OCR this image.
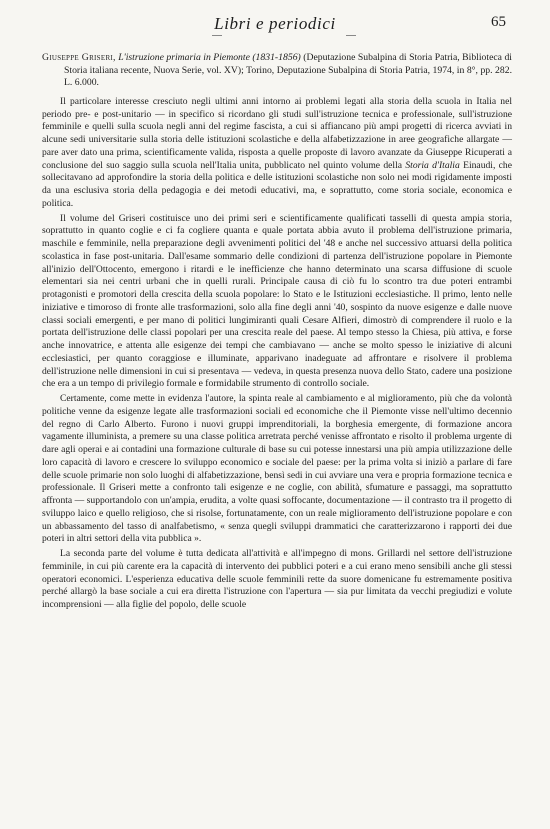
Libri e periodici	65

Giuseppe Griseri, L'istruzione primaria in Piemonte (1831-1856) (Deputazione Subalpina di Storia Patria, Biblioteca di Storia italiana recente, Nuova Serie, vol. XV); Torino, Deputazione Subalpina di Storia Patria, 1974, in 8°, pp. 282. L. 6.000.

Il particolare interesse cresciuto negli ultimi anni intorno ai problemi legati alla storia della scuola in Italia nel periodo pre- e post-unitario — in specifico si ricordano gli studi sull'istruzione tecnica e professionale, sull'istruzione femminile e quelli sulla scuola negli anni del regime fascista, a cui si affiancano più ampi progetti di ricerca avviati in alcune sedi universitarie sulla storia delle istituzioni scolastiche e della alfabetizzazione in aree geografiche allargate — pare aver dato una prima, scientificamente valida, risposta a quelle proposte di lavoro avanzate da Giuseppe Ricuperati a conclusione del suo saggio sulla scuola nell'Italia unita, pubblicato nel quinto volume della Storia d'Italia Einaudi, che sollecitavano ad approfondire la storia della politica e delle istituzioni scolastiche non solo nei modi rigidamente imposti da una esclusiva storia della pedagogia e dei metodi educativi, ma, e soprattutto, come storia sociale, economica e politica.

Il volume del Griseri costituisce uno dei primi seri e scientificamente qualificati tasselli di questa ampia storia, soprattutto in quanto coglie e ci fa cogliere quanta e quale portata abbia avuto il problema dell'istruzione primaria, maschile e femminile, nella preparazione degli avvenimenti politici del '48 e anche nel successivo attuarsi della politica scolastica in fase post-unitaria. Dall'esame sommario delle condizioni di partenza dell'istruzione popolare in Piemonte all'inizio dell'Ottocento, emergono i ritardi e le inefficienze che hanno determinato una scarsa diffusione di scuole elementari sia nei centri urbani che in quelli rurali. Principale causa di ciò fu lo scontro tra due poteri entrambi protagonisti e promotori della crescita della scuola popolare: lo Stato e le Istituzioni ecclesiastiche. Il primo, lento nelle iniziative e timoroso di fronte alle trasformazioni, solo alla fine degli anni '40, sospinto da nuove esigenze e dalle nuove classi sociali emergenti, e per mano di politici lungimiranti quali Cesare Alfieri, dimostrò di comprendere il ruolo e la portata dell'istruzione delle classi popolari per una crescita reale del paese. Al tempo stesso la Chiesa, più attiva, e forse anche innovatrice, e attenta alle esigenze dei tempi che cambiavano — anche se molto spesso le iniziative di alcuni ecclesiastici, per quanto coraggiose e illuminate, apparivano inadeguate ad affrontare e risolvere il problema dell'istruzione nelle dimensioni in cui si presentava — vedeva, in questa presenza nuova dello Stato, cadere una posizione che era a un tempo di privilegio formale e formidabile strumento di controllo sociale.

Certamente, come mette in evidenza l'autore, la spinta reale al cambiamento e al miglioramento, più che da volontà politiche venne da esigenze legate alle trasformazioni sociali ed economiche che il Piemonte visse nell'ultimo decennio del regno di Carlo Alberto. Furono i nuovi gruppi imprenditoriali, la borghesia emergente, di formazione ancora vagamente illuminista, a premere su una classe politica arretrata perché venisse affrontato e risolto il problema urgente di dare agli operai e ai contadini una formazione culturale di base su cui potesse innestarsi una più ampia utilizzazione delle loro capacità di lavoro e crescere lo sviluppo economico e sociale del paese: per la prima volta si iniziò a parlare di fare delle scuole primarie non solo luoghi di alfabetizzazione, bensì sedi in cui avviare una vera e propria formazione tecnica e professionale. Il Griseri mette a confronto tali esigenze e ne coglie, con abilità, sfumature e passaggi, ma soprattutto affronta — supportandolo con un'ampia, erudita, a volte quasi soffocante, documentazione — il contrasto tra il progetto di sviluppo laico e quello religioso, che si risolse, fortunatamente, con un reale miglioramento dell'istruzione popolare e con un abbassamento del tasso di analfabetismo, « senza quegli sviluppi drammatici che caratterizzarono i rapporti dei due poteri in altri settori della vita pubblica ».

La seconda parte del volume è tutta dedicata all'attività e all'impegno di mons. Grillardi nel settore dell'istruzione femminile, in cui più carente era la capacità di intervento dei pubblici poteri e a cui erano meno sensibili anche gli stessi operatori economici. L'esperienza educativa delle scuole femminili rette da suore domenicane fu estremamente positiva perché allargò la base sociale a cui era diretta l'istruzione con l'apertura — sia pur limitata da vecchi pregiudizi e volute incomprensioni — alla figlie del popolo, delle scuole
